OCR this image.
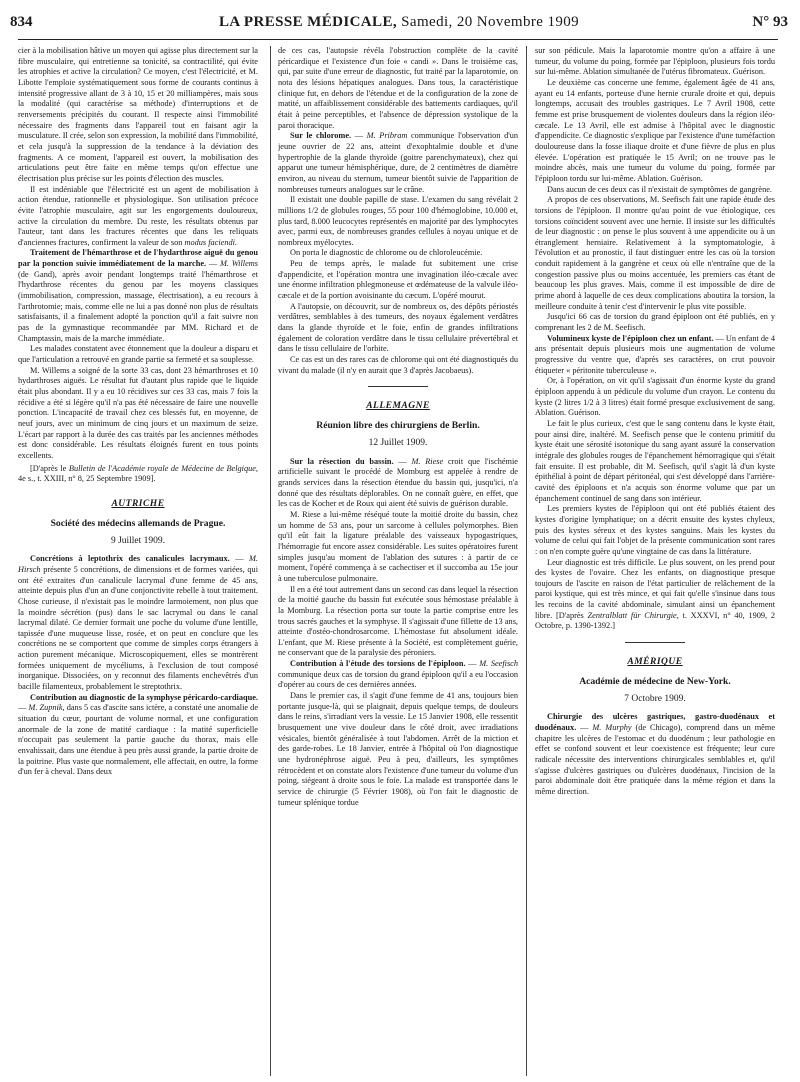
834	LA PRESSE MÉDICALE, Samedi, 20 Novembre 1909	N° 93

cier à la mobilisation hâtive un moyen qui agisse plus directement sur la fibre musculaire, qui entretienne sa tonicité, sa contractilité, qui évite les atrophies et active la circulation? Ce moyen, c'est l'électricité, et M. Libotte l'emploie systématiquement sous forme de courants continus à intensité progressive allant de 3 à 10, 15 et 20 milliampères, mais sous la modalité (qui caractérise sa méthode) d'interruptions et de renversements précipités du courant. Il respecte ainsi l'immobilité nécessaire des fragments dans l'appareil tout en faisant agir la musculature. Il crée, selon son expression, la mobilité dans l'immobilité, et cela jusqu'à la suppression de la tendance à la déviation des fragments. A ce moment, l'appareil est ouvert, la mobilisation des articulations peut être faite en même temps qu'on effectue une électrisation plus précise sur les points d'élection des muscles.

Il est indéniable que l'électricité est un agent de mobilisation à action étendue, rationnelle et physiologique. Son utilisation précoce évite l'atrophie musculaire, agit sur les engorgements douloureux, active la circulation du membre. Du reste, les résultats obtenus par l'auteur, tant dans les fractures récentes que dans les reliquats d'anciennes fractures, confirment la valeur de son modus faciendi.

Traitement de l'hémarthrose et de l'hydarthrose aiguë du genou par la ponction suivie immédiatement de la marche. — M. Willems (de Gand), après avoir pendant longtemps traité l'hémarthrose et l'hydarthrose récentes du genou par les moyens classiques (immobilisation, compression, massage, électrisation), a eu recours à l'arthrotomie; mais, comme elle ne lui a pas donné non plus de résultats satisfaisants, il a finalement adopté la ponction qu'il a fait suivre non pas de la gymnastique recommandée par MM. Richard et de Champtassin, mais de la marche immédiate.

Les malades constatent avec étonnement que la douleur a disparu et que l'articulation a retrouvé en grande partie sa fermeté et sa souplesse.

M. Willems a soigné de la sorte 33 cas, dont 23 hémarthroses et 10 hydarthroses aiguës. Le résultat fut d'autant plus rapide que le liquide était plus abondant. Il y a eu 10 récidives sur ces 33 cas, mais 7 fois la récidive a été si légère qu'il n'a pas été nécessaire de faire une nouvelle ponction. L'incapacité de travail chez ces blessés fut, en moyenne, de neuf jours, avec un minimum de cinq jours et un maximum de seize. L'écart par rapport à la durée des cas traités par les anciennes méthodes est donc considérable. Les résultats éloignés furent en tous points excellents.

[D'après le Bulletin de l'Académie royale de Médecine de Belgique, 4e s., t. XXIII, n° 8, 25 Septembre 1909].

AUTRICHE
Société des médecins allemands de Prague.
9 Juillet 1909.

Concrétions à leptothrix des canalicules lacrymaux. — M. Hirsch présente 5 concrétions, de dimensions et de formes variées, qui ont été extraites d'un canalicule lacrymal d'une femme de 45 ans, atteinte depuis plus d'un an d'une conjonctivite rebelle à tout traitement. Chose curieuse, il n'existait pas le moindre larmoiement, non plus que la moindre sécrétion (pus) dans le sac lacrymal ou dans le canal lacrymal dilaté. Ce dernier formait une poche du volume d'une lentille, tapissée d'une muqueuse lisse, rosée, et on peut en conclure que les concrétions ne se comportent que comme de simples corps étrangers à action purement mécanique. Microscopiquement, elles se montrèrent formées uniquement de mycéliums, à l'exclusion de tout composé inorganique. Dissociées, on y reconnut des filaments enchevêtrés d'un bacille filamenteux, probablement le streptothrix.

Contribution au diagnostic de la symphyse péricardo-cardiaque. — M. Zupnik, dans 5 cas d'ascite sans ictère, a constaté une anomalie de situation du cœur, pourtant de volume normal, et une configuration anormale de la zone de matité cardiaque : la matité superficielle n'occupait pas seulement la partie gauche du thorax, mais elle envahissait, dans une étendue à peu près aussi grande, la partie droite de la poitrine. Plus vaste que normalement, elle affectait, en outre, la forme d'un fer à cheval. Dans deux

de ces cas, l'autopsie révéla l'obstruction complète de la cavité péricardique et l'existence d'un foie « candi ». Dans le troisième cas, qui, par suite d'une erreur de diagnostic, fut traité par la laparotomie, on nota des lésions hépatiques analogues. Dans tous, la caractéristique clinique fut, en dehors de l'étendue et de la configuration de la zone de matité, un affaiblissement considérable des battements cardiaques, qu'il était à peine perceptibles, et l'absence de dépression systolique de la paroi thoracique.

Sur le chlorome. — M. Pribram communique l'observation d'un jeune ouvrier de 22 ans, atteint d'exophtalmie double et d'une hypertrophie de la glande thyroïde (goitre parenchymateux), chez qui apparut une tumeur hémisphérique, dure, de 2 centimètres de diamètre environ, au niveau du sternum, tumeur bientôt suivie de l'apparition de nombreuses tumeurs analogues sur le crâne.

Il existait une double papille de stase. L'examen du sang révélait 2 millions 1/2 de globules rouges, 55 pour 100 d'hémoglobine, 10.000 et, plus tard, 8.000 leucocytes représentés en majorité par des lymphocytes avec, parmi eux, de nombreuses grandes cellules à noyau unique et de nombreux myélocytes.

On porta le diagnostic de chlorome ou de chloroleucémie.

Peu de temps après, le malade fut subitement une crise d'appendicite, et l'opération montra une invagination iléo-cæcale avec une énorme infiltration phlegmoneuse et œdémateuse de la valvule iléo-cæcale et de la portion avoisinante du cæcum. L'opéré mourut.

A l'autopsie, on découvrit, sur de nombreux os, des dépôts périostés verdâtres, semblables à des tumeurs, des noyaux également verdâtres dans la glande thyroïde et le foie, enfin de grandes infiltrations également de coloration verdâtre dans le tissu cellulaire prévertébral et dans le tissu cellulaire de l'orbite.

Ce cas est un des rares cas de chlorome qui ont été diagnostiqués du vivant du malade (il n'y en aurait que 3 d'après Jacobaeus).

ALLEMAGNE
Réunion libre des chirurgiens de Berlin.
12 Juillet 1909.

Sur la résection du bassin. — M. Riese croit que l'ischémie artificielle suivant le procédé de Momburg est appelée à rendre de grands services dans la résection étendue du bassin qui, jusqu'ici, n'a donné que des résultats déplorables. On ne connaît guère, en effet, que les cas de Kocher et de Roux qui aient été suivis de guérison durable.

M. Riese a lui-même réséqué toute la moitié droite du bassin, chez un homme de 53 ans, pour un sarcome à cellules polymorphes. Bien qu'il eût fait la ligature préalable des vaisseaux hypogastriques, l'hémorragie fut encore assez considérable. Les suites opératoires furent simples jusqu'au moment de l'ablation des sutures : à partir de ce moment, l'opéré commença à se cachectiser et il succomba au 15e jour à une tuberculose pulmonaire.

Il en a été tout autrement dans un second cas dans lequel la résection de la moitié gauche du bassin fut exécutée sous hémostase préalable à la Momburg. La résection porta sur toute la partie comprise entre les trous sacrés gauches et la symphyse. Il s'agissait d'une fillette de 13 ans, atteinte d'ostéo-chondrosarcome. L'hémostase fut absolument idéale. L'enfant, que M. Riese présente à la Société, est complètement guérie, ne conservant que de la paralysie des péroniers.

Contribution à l'étude des torsions de l'épiploon. — M. Seefisch communique deux cas de torsion du grand épiploon qu'il a eu l'occasion d'opérer au cours de ces dernières années.

Dans le premier cas, il s'agit d'une femme de 41 ans, toujours bien portante jusque-là, qui se plaignait, depuis quelque temps, de douleurs dans le reins, s'irradiant vers la vessie. Le 15 Janvier 1908, elle ressentit brusquement une vive douleur dans le côté droit, avec irradiations vésicales, bientôt généralisée à tout l'abdomen. Arrêt de la miction et des garde-robes. Le 18 Janvier, entrée à l'hôpital où l'on diagnostique une hydronéphrose aiguë. Peu à peu, d'ailleurs, les symptômes rétrocèdent et on constate alors l'existence d'une tumeur du volume d'un poing, siégeant à droite sous le foie. La malade est transportée dans le service de chirurgie (5 Février 1908), où l'on fait le diagnostic de tumeur splénique tordue

sur son pédicule. Mais la laparotomie montre qu'on a affaire à une tumeur, du volume du poing, formée par l'épiploon, plusieurs fois tordu sur lui-même. Ablation simultanée de l'utérus fibromateux. Guérison.

Le deuxième cas concerne une femme, également âgée de 41 ans, ayant eu 14 enfants, porteuse d'une hernie crurale droite et qui, depuis longtemps, accusait des troubles gastriques. Le 7 Avril 1908, cette femme est prise brusquement de violentes douleurs dans la région iléo-cæcale. Le 13 Avril, elle est admise à l'hôpital avec le diagnostic d'appendicite. Ce diagnostic s'explique par l'existence d'une tuméfaction douloureuse dans la fosse iliaque droite et d'une fièvre de plus en plus élevée. L'opération est pratiquée le 15 Avril; on ne trouve pas le moindre abcès, mais une tumeur du volume du poing, formée par l'épiploon tordu sur lui-même. Ablation. Guérison.

Dans aucun de ces deux cas il n'existait de symptômes de gangrène.

A propos de ces observations, M. Seefisch fait une rapide étude des torsions de l'épiploon. Il montre qu'au point de vue étiologique, ces torsions coïncident souvent avec une hernie. Il insiste sur les difficultés de leur diagnostic : on pense le plus souvent à une appendicite ou à un étranglement herniaire. Relativement à la symptomatologie, à l'évolution et au pronostic, il faut distinguer entre les cas où la torsion conduit rapidement à la gangrène et ceux où elle n'entraîne que de la congestion passive plus ou moins accentuée, les premiers cas étant de beaucoup les plus graves. Mais, comme il est impossible de dire de prime abord à laquelle de ces deux complications aboutira la torsion, la meilleure conduite à tenir c'est d'intervenir le plus vite possible.

Jusqu'ici 66 cas de torsion du grand épiploon ont été publiés, en y comprenant les 2 de M. Seefisch.

Volumineux kyste de l'épiploon chez un enfant. — Un enfant de 4 ans présentait depuis plusieurs mois une augmentation de volume progressive du ventre que, d'après ses caractères, on crut pouvoir étiqueter « péritonite tuberculeuse ».

Or, à l'opération, on vit qu'il s'agissait d'un énorme kyste du grand épiploon appendu à un pédicule du volume d'un crayon. Le contenu du kyste (2 litres 1/2 à 3 litres) était formé presque exclusivement de sang. Ablation. Guérison.

Le fait le plus curieux, c'est que le sang contenu dans le kyste était, pour ainsi dire, inaltéré. M. Seefisch pense que le contenu primitif du kyste était une sérosité isotonique du sang ayant assuré la conservation intégrale des globules rouges de l'épanchement hémorragique qui s'était fait ensuite. Il est probable, dit M. Seefisch, qu'il s'agit là d'un kyste épithélial à point de départ péritonéal, qui s'est développé dans l'arrière-cavité des épiploons et n'a acquis son énorme volume que par un épanchement continuel de sang dans son intérieur.

Les premiers kystes de l'épiploon qui ont été publiés étaient des kystes d'origine lymphatique; on a décrit ensuite des kystes chyleux, puis des kystes séreux et des kystes sanguins. Mais les kystes du volume de celui qui fait l'objet de la présente communication sont rares : on n'en compte guère qu'une vingtaine de cas dans la littérature.

Leur diagnostic est très difficile. Le plus souvent, on les prend pour des kystes de l'ovaire. Chez les enfants, on diagnostique presque toujours de l'ascite en raison de l'état particulier de relâchement de la paroi kystique, qui est très mince, et qui fait qu'elle s'insinue dans tous les recoins de la cavité abdominale, simulant ainsi un épanchement libre. [D'après Zentralblatt für Chirurgie, t. XXXVI, n° 40, 1909, 2 Octobre, p. 1390-1392.]

AMÉRIQUE
Académie de médecine de New-York.
7 Octobre 1909.

Chirurgie des ulcères gastriques, gastro-duodénaux et duodénaux. — M. Murphy (de Chicago), comprend dans un même chapitre les ulcères de l'estomac et du duodénum ; leur pathologie en effet se confond souvent et leur coexistence est fréquente; leur cure radicale nécessite des interventions chirurgicales semblables et, qu'il s'agisse d'ulcères gastriques ou d'ulcères duodénaux, l'incision de la paroi abdominale doit être pratiquée dans la même région et dans la même direction.
